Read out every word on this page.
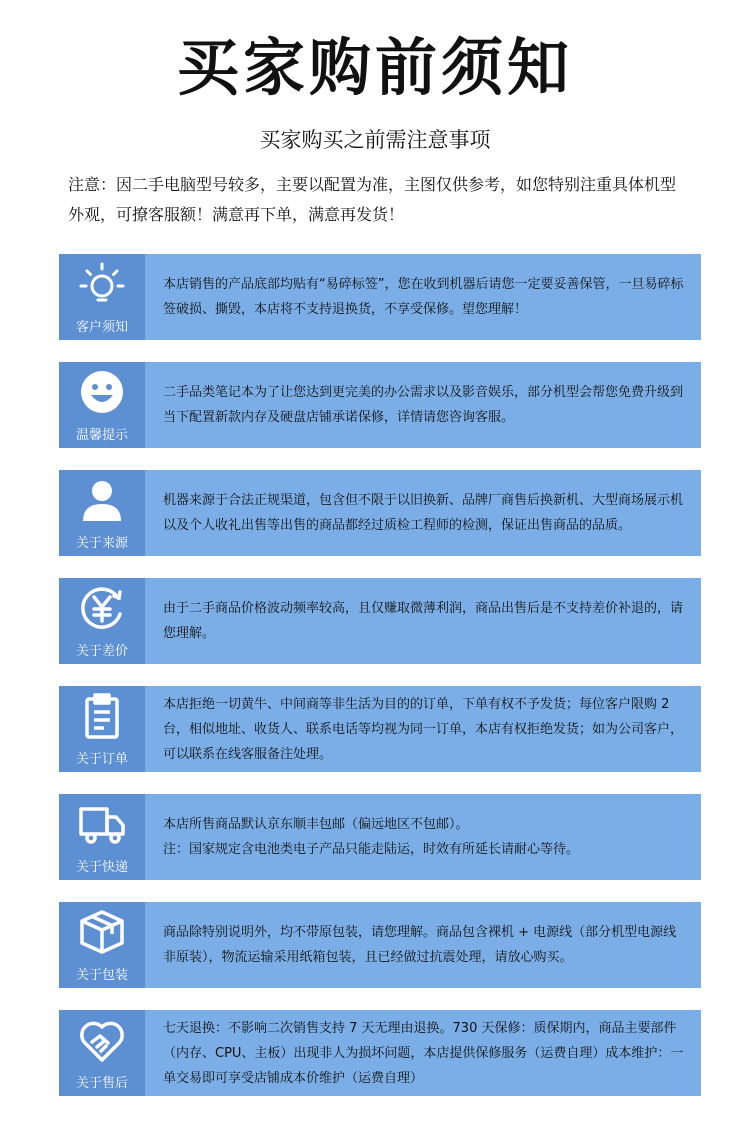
买家购前须知
买家购买之前需注意事项
注意：因二手电脑型号较多，主要以配置为准，主图仅供参考，如您特别注重具体机型外观，可撩客服额！满意再下单，满意再发货！
客户须知

本店销售的产品底部均贴有“易碎标签”，您在收到机器后请您一定要妥善保管，一旦易碎标签破损、撕毁，本店将不支持退换货，不享受保修。望您理解！

温馨提示

二手品类笔记本为了让您达到更完美的办公需求以及影音娱乐，部分机型会帮您免费升级到当下配置新款内存及硬盘店铺承诺保修，详情请您咨询客服。

关于来源

机器来源于合法正规渠道，包含但不限于以旧换新、品牌厂商售后换新机、大型商场展示机以及个人收礼出售等出售的商品都经过质检工程师的检测，保证出售商品的品质。

关于差价

由于二手商品价格波动频率较高，且仅赚取微薄利润，商品出售后是不支持差价补退的，请您理解。

关于订单

本店拒绝一切黄牛、中间商等非生活为目的的订单，下单有权不予发货；每位客户限购 2 台，相似地址、收货人、联系电话等均视为同一订单，本店有权拒绝发货；如为公司客户，可以联系在线客服备注处理。

关于快递

本店所售商品默认京东顺丰包邮（偏远地区不包邮）。

注：国家规定含电池类电子产品只能走陆运，时效有所延长请耐心等待。

关于包装

商品除特别说明外，均不带原包装，请您理解。商品包含裸机 + 电源线（部分机型电源线非原装），物流运输采用纸箱包装，且已经做过抗震处理，请放心购买。

关于售后

七天退换：不影响二次销售支持 7 天无理由退换。730 天保修：质保期内，商品主要部件（内存、CPU、主板）出现非人为损坏问题，本店提供保修服务（运费自理）成本维护：一单交易即可享受店铺成本价维护（运费自理）
